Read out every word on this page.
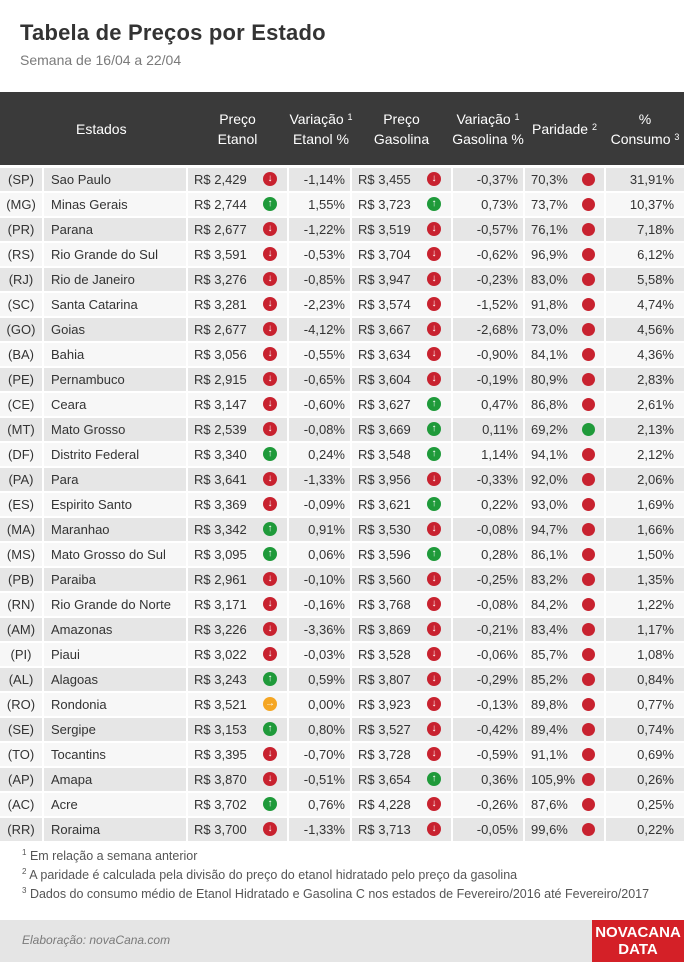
Tabela de Preços por Estado
Semana de 16/04 a 22/04
Estados
Preço
Etanol
Variação $^1$
Etanol %
Preço
Gasolina
Variação $^1$
Gasolina %
Paridade $^2$	%
Consumo $^3$
(SP)	Sao Paulo	R$ 2,429	↓	-1,14%	R$ 3,455	↓	-0,37%	70,3%	31,91%
(MG)	Minas Gerais	R$ 2,744	↑	1,55%	R$ 3,723	↑	0,73%	73,7%	10,37%
(PR)	Parana	R$ 2,677	↓	-1,22%	R$ 3,519	↓	-0,57%	76,1%	7,18%
(RS)	Rio Grande do Sul	R$ 3,591	↓	-0,53%	R$ 3,704	↓	-0,62%	96,9%	6,12%
(RJ)	Rio de Janeiro	R$ 3,276	↓	-0,85%	R$ 3,947	↓	-0,23%	83,0%	5,58%
(SC)	Santa Catarina	R$ 3,281	↓	-2,23%	R$ 3,574	↓	-1,52%	91,8%	4,74%
(GO)	Goias	R$ 2,677	↓	-4,12%	R$ 3,667	↓	-2,68%	73,0%	4,56%
(BA)	Bahia	R$ 3,056	↓	-0,55%	R$ 3,634	↓	-0,90%	84,1%	4,36%
(PE)	Pernambuco	R$ 2,915	↓	-0,65%	R$ 3,604	↓	-0,19%	80,9%	2,83%
(CE)	Ceara	R$ 3,147	↓	-0,60%	R$ 3,627	↑	0,47%	86,8%	2,61%
(MT)	Mato Grosso	R$ 2,539	↓	-0,08%	R$ 3,669	↑	0,11%	69,2%	2,13%
(DF)	Distrito Federal	R$ 3,340	↑	0,24%	R$ 3,548	↑	1,14%	94,1%	2,12%
(PA)	Para	R$ 3,641	↓	-1,33%	R$ 3,956	↓	-0,33%	92,0%	2,06%
(ES)	Espirito Santo	R$ 3,369	↓	-0,09%	R$ 3,621	↑	0,22%	93,0%	1,69%
(MA)	Maranhao	R$ 3,342	↑	0,91%	R$ 3,530	↓	-0,08%	94,7%	1,66%
(MS)	Mato Grosso do Sul	R$ 3,095	↑	0,06%	R$ 3,596	↑	0,28%	86,1%	1,50%
(PB)	Paraiba	R$ 2,961	↓	-0,10%	R$ 3,560	↓	-0,25%	83,2%	1,35%
(RN)	Rio Grande do Norte	R$ 3,171	↓	-0,16%	R$ 3,768	↓	-0,08%	84,2%	1,22%
(AM)	Amazonas	R$ 3,226	↓	-3,36%	R$ 3,869	↓	-0,21%	83,4%	1,17%
(PI)	Piaui	R$ 3,022	↓	-0,03%	R$ 3,528	↓	-0,06%	85,7%	1,08%
(AL)	Alagoas	R$ 3,243	↑	0,59%	R$ 3,807	↓	-0,29%	85,2%	0,84%
(RO)	Rondonia	R$ 3,521 →	0,00%	R$ 3,923	↓	-0,13%	89,8%	0,77%
(SE)	Sergipe	R$ 3,153	↑	0,80%	R$ 3,527	↓	-0,42%	89,4%	0,74%
(TO)	Tocantins	R$ 3,395	↓	-0,70%	R$ 3,728	↓	-0,59%	91,1%	0,69%
(AP)	Amapa	R$ 3,870	↓	-0,51%	R$ 3,654	↑	0,36%	105,9%	0,26%
(AC)	Acre	R$ 3,702	↑	0,76%	R$ 4,228	↓	-0,26%	87,6%	0,25%
(RR)	Roraima	R$ 3,700	↓	-1,33%	R$ 3,713	↓	-0,05%	99,6%	0,22%
$^1$ Em relação a semana anterior
$^2$ A paridade é calculada pela divisão do preço do etanol hidratado pelo preço da gasolina
$^3$ Dados do consumo médio de Etanol Hidratado e Gasolina C nos estados de Fevereiro/2016 até Fevereiro/2017
Elaboração: novaCana.com	NOVACANA
DATA
